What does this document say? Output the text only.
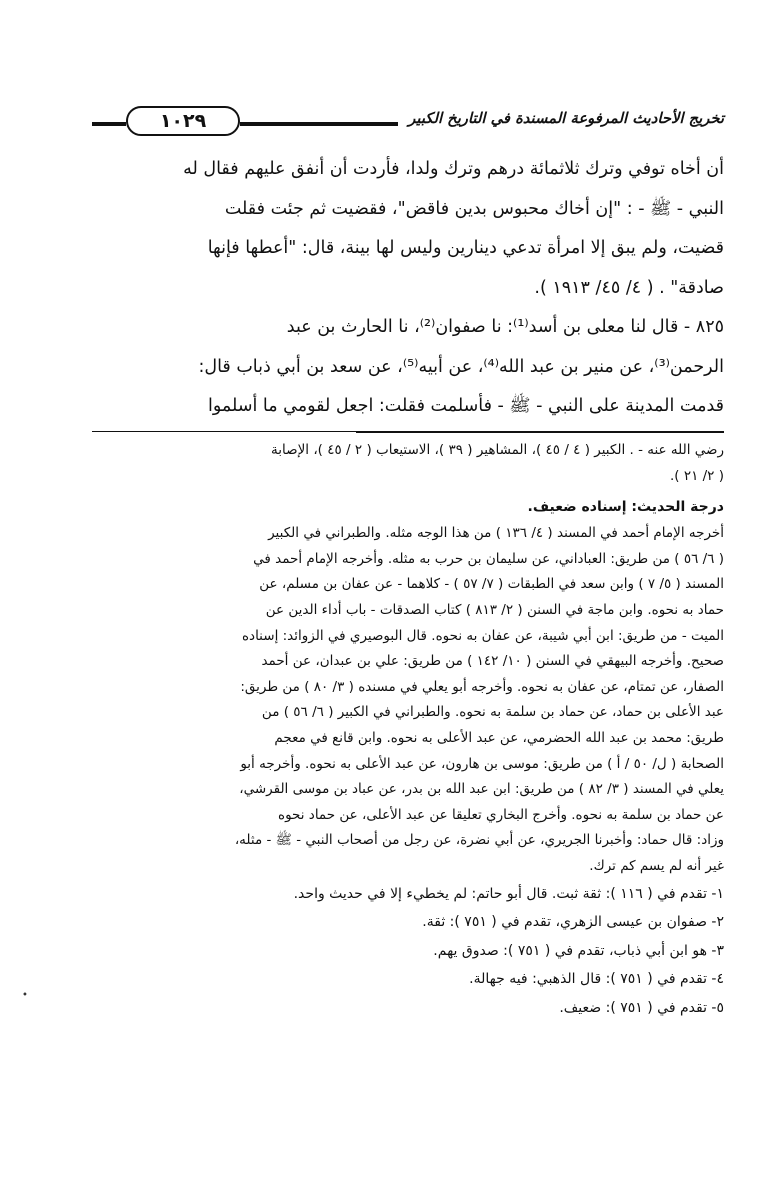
١٠٢٩	تخريج الأحاديث المرفوعة المسندة في التاريخ الكبير
أن أخاه توفي وترك ثلاثمائة درهم وترك ولدا، فأردت أن أنفق عليهم فقال له
النبي - ﷺ - : "إن أخاك محبوس بدين فاقض"، فقضيت ثم جئت فقلت
قضيت، ولم يبق إلا امرأة تدعي دينارين وليس لها بينة، قال: "أعطها فإنها
صادقة" . ( ٤/ ٤٥/ ١٩١٣ ).
٨٢٥ - قال لنا معلى بن أسد⁽¹⁾: نا صفوان⁽²⁾، نا الحارث بن عبد
الرحمن⁽³⁾، عن منير بن عبد الله⁽⁴⁾، عن أبيه⁽⁵⁾، عن سعد بن أبي ذباب قال:
قدمت المدينة على النبي - ﷺ - فأسلمت فقلت: اجعل لقومي ما أسلموا
رضي الله عنه - . الكبير ( ٤ / ٤٥ )، المشاهير ( ٣٩ )، الاستيعاب ( ٢ / ٤٥ )، الإصابة
( ٢/ ٢١ ).
درجة الحديث: إسناده ضعيف.
أخرجه الإمام أحمد في المسند ( ٤/ ١٣٦ ) من هذا الوجه مثله. والطبراني في الكبير
( ٦/ ٥٦ ) من طريق: العباداني، عن سليمان بن حرب به مثله. وأخرجه الإمام أحمد في
المسند ( ٥/ ٧ ) وابن سعد في الطبقات ( ٧/ ٥٧ ) - كلاهما - عن عفان بن مسلم، عن
حماد به نحوه. وابن ماجة في السنن ( ٢/ ٨١٣ ) كتاب الصدقات - باب أداء الدين عن
الميت - من طريق: ابن أبي شيبة، عن عفان به نحوه. قال البوصيري في الزوائد: إسناده
صحيح. وأخرجه البيهقي في السنن ( ١٠/ ١٤٢ ) من طريق: علي بن عبدان، عن أحمد
الصفار، عن تمتام، عن عفان به نحوه. وأخرجه أبو يعلي في مسنده ( ٣/ ٨٠ ) من طريق:
عبد الأعلى بن حماد، عن حماد بن سلمة به نحوه. والطبراني في الكبير ( ٦/ ٥٦ ) من
طريق: محمد بن عبد الله الحضرمي، عن عبد الأعلى به نحوه. وابن قانع في معجم
الصحابة ( ل/ ٥٠ / أ ) من طريق: موسى بن هارون، عن عبد الأعلى به نحوه. وأخرجه أبو
يعلي في المسند ( ٣/ ٨٢ ) من طريق: ابن عبد الله بن بدر، عن عباد بن موسى القرشي،
عن حماد بن سلمة به نحوه. وأخرج البخاري تعليقا عن عبد الأعلى، عن حماد نحوه
وزاد: قال حماد: وأخبرنا الجريري، عن أبي نضرة، عن رجل من أصحاب النبي - ﷺ - مثله،
غير أنه لم يسم كم ترك.
١- تقدم في ( ١١٦ ): ثقة ثبت. قال أبو حاتم: لم يخطيء إلا في حديث واحد.
٢- صفوان بن عيسى الزهري، تقدم في ( ٧٥١ ): ثقة.
٣- هو ابن أبي ذباب، تقدم في ( ٧٥١ ): صدوق يهم.
٤- تقدم في ( ٧٥١ ): قال الذهبي: فيه جهالة.
٥- تقدم في ( ٧٥١ ): ضعيف.
•
